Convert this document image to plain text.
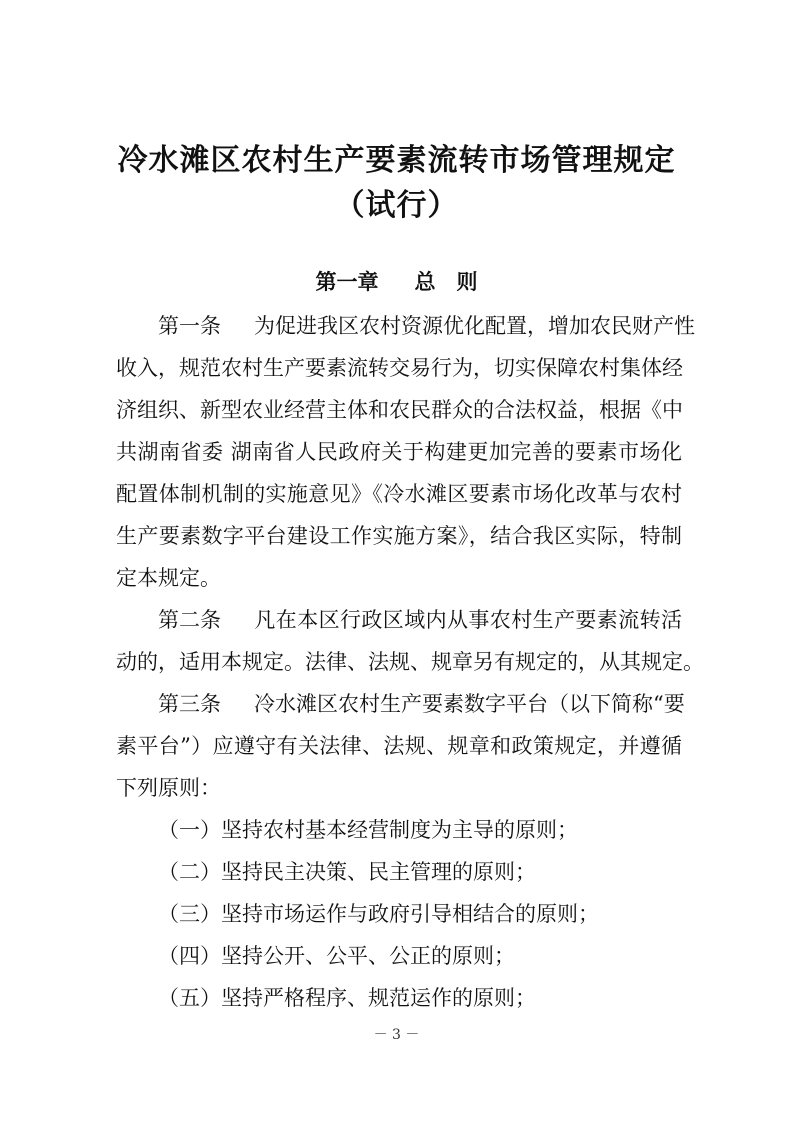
冷水滩区农村生产要素流转市场管理规定
（试行）
第一章 总　则
第一条 为促进我区农村资源优化配置，增加农民财产性
收入，规范农村生产要素流转交易行为，切实保障农村集体经
济组织、新型农业经营主体和农民群众的合法权益，根据《中
共湖南省委 湖南省人民政府关于构建更加完善的要素市场化
配置体制机制的实施意见》《冷水滩区要素市场化改革与农村
生产要素数字平台建设工作实施方案》，结合我区实际，特制
定本规定。
第二条 凡在本区行政区域内从事农村生产要素流转活
动的，适用本规定。法律、法规、规章另有规定的，从其规定。
第三条 冷水滩区农村生产要素数字平台（以下简称“要
素平台”）应遵守有关法律、法规、规章和政策规定，并遵循
下列原则：
（一）坚持农村基本经营制度为主导的原则；
（二）坚持民主决策、民主管理的原则；
（三）坚持市场运作与政府引导相结合的原则；
（四）坚持公开、公平、公正的原则；
（五）坚持严格程序、规范运作的原则；
－ 3 －
